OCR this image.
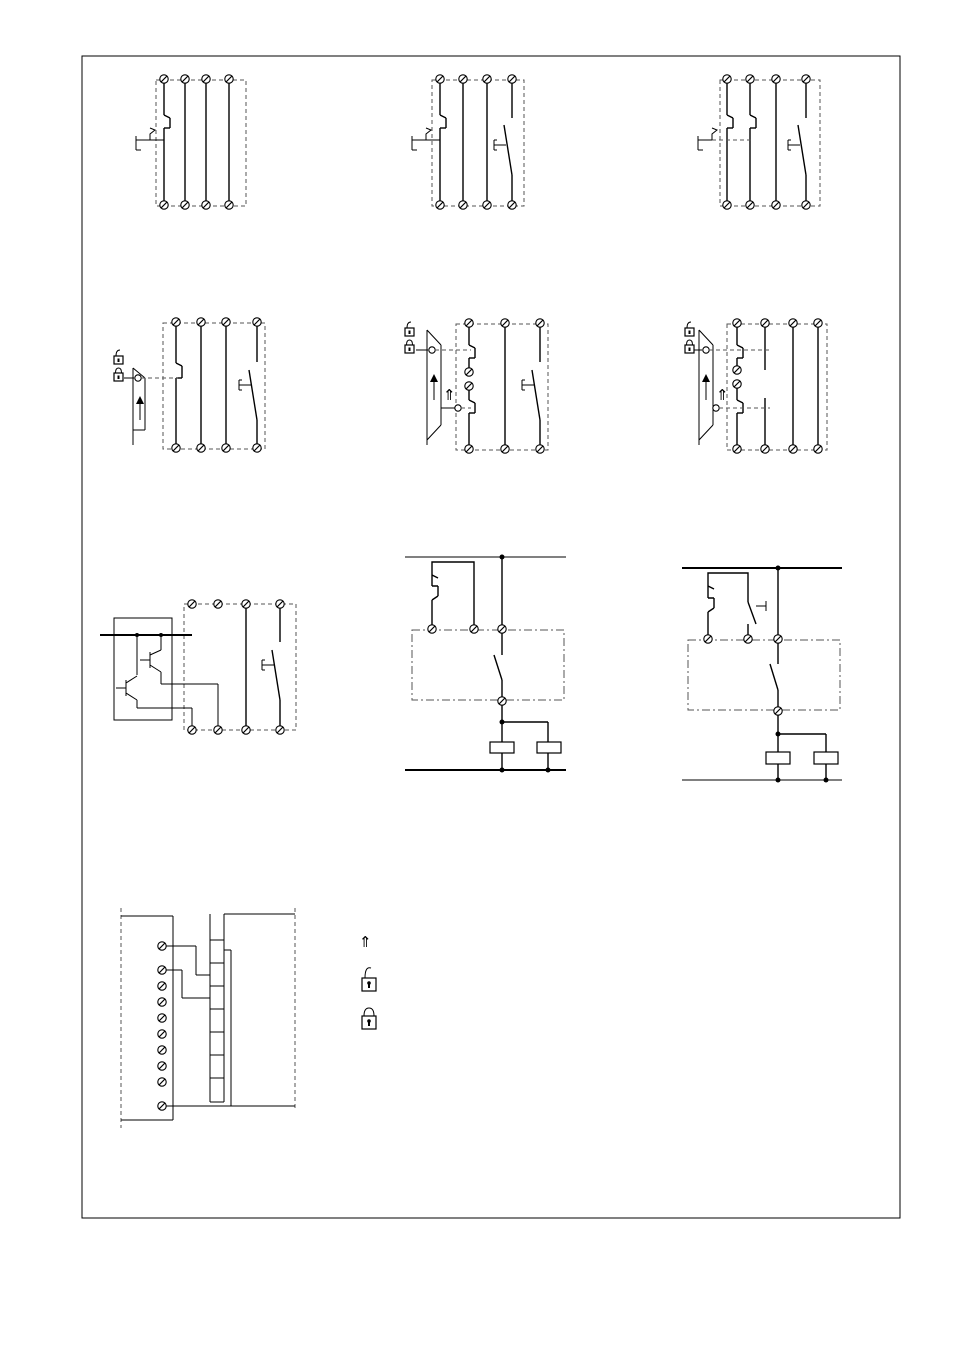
⇑	⇑
⇑
